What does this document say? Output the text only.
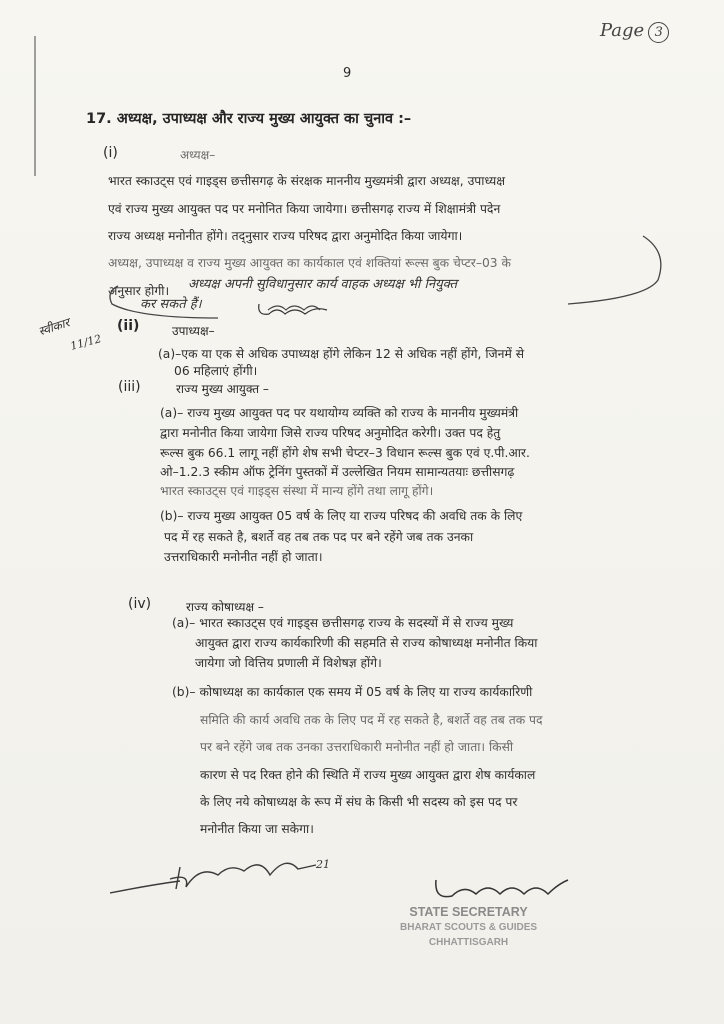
Page 3
9
17. अध्यक्ष, उपाध्यक्ष और राज्य मुख्य आयुक्त का चुनाव :–
(i)	अध्यक्ष–
भारत स्काउट्स एवं गाइड्स छत्तीसगढ़ के संरक्षक माननीय मुख्यमंत्री द्वारा अध्यक्ष, उपाध्यक्ष
एवं राज्य मुख्य आयुक्त पद पर मनोनित किया जायेगा। छत्तीसगढ़ राज्य में शिक्षामंत्री पदेन
राज्य अध्यक्ष मनोनीत होंगे। तद्नुसार राज्य परिषद द्वारा अनुमोदित किया जायेगा।
अध्यक्ष, उपाध्यक्ष व राज्य मुख्य आयुक्त का कार्यकाल एवं शक्तियां रूल्स बुक चेप्टर–03 के
अनुसार होगी। अध्यक्ष अपनी सुविधानुसार कार्य वाहक अध्यक्ष भी नियुक्त
कर सकते हैं।
स्वीकार
11/12
(ii)	उपाध्यक्ष–
(a)–एक या एक से अधिक उपाध्यक्ष होंगे लेकिन 12 से अधिक नहीं होंगे, जिनमें से
06 महिलाएं होंगी।
(iii)	राज्य मुख्य आयुक्त –
(a)– राज्य मुख्य आयुक्त पद पर यथायोग्य व्यक्ति को राज्य के माननीय मुख्यमंत्री
द्वारा मनोनीत किया जायेगा जिसे राज्य परिषद अनुमोदित करेगी। उक्त पद हेतु
रूल्स बुक 66.1 लागू नहीं होंगे शेष सभी चेप्टर–3 विधान रूल्स बुक एवं ए.पी.आर.
ओ–1.2.3 स्कीम ऑफ ट्रेनिंग पुस्तकों में उल्लेखित नियम सामान्यतयाः छत्तीसगढ़
भारत स्काउट्स एवं गाइड्स संस्था में मान्य होंगे तथा लागू होंगे।
(b)– राज्य मुख्य आयुक्त 05 वर्ष के लिए या राज्य परिषद की अवधि तक के लिए
पद में रह सकते है, बशर्ते वह तब तक पद पर बने रहेंगे जब तक उनका
उत्तराधिकारी मनोनीत नहीं हो जाता।
(iv)	राज्य कोषाध्यक्ष –
(a)– भारत स्काउट्स एवं गाइड्स छत्तीसगढ़ राज्य के सदस्यों में से राज्य मुख्य
आयुक्त द्वारा राज्य कार्यकारिणी की सहमति से राज्य कोषाध्यक्ष मनोनीत किया
जायेगा जो वित्तिय प्रणाली में विशेषज्ञ होंगे।
(b)– कोषाध्यक्ष का कार्यकाल एक समय में 05 वर्ष के लिए या राज्य कार्यकारिणी
समिति की कार्य अवधि तक के लिए पद में रह सकते है, बशर्ते वह तब तक पद
पर बने रहेंगे जब तक उनका उत्तराधिकारी मनोनीत नहीं हो जाता। किसी
कारण से पद रिक्त होने की स्थिति में राज्य मुख्य आयुक्त द्वारा शेष कार्यकाल
के लिए नये कोषाध्यक्ष के रूप में संघ के किसी भी सदस्य को इस पद पर
मनोनीत किया जा सकेगा।
21
STATE SECRETARY
BHARAT SCOUTS & GUIDES
CHHATTISGARH
